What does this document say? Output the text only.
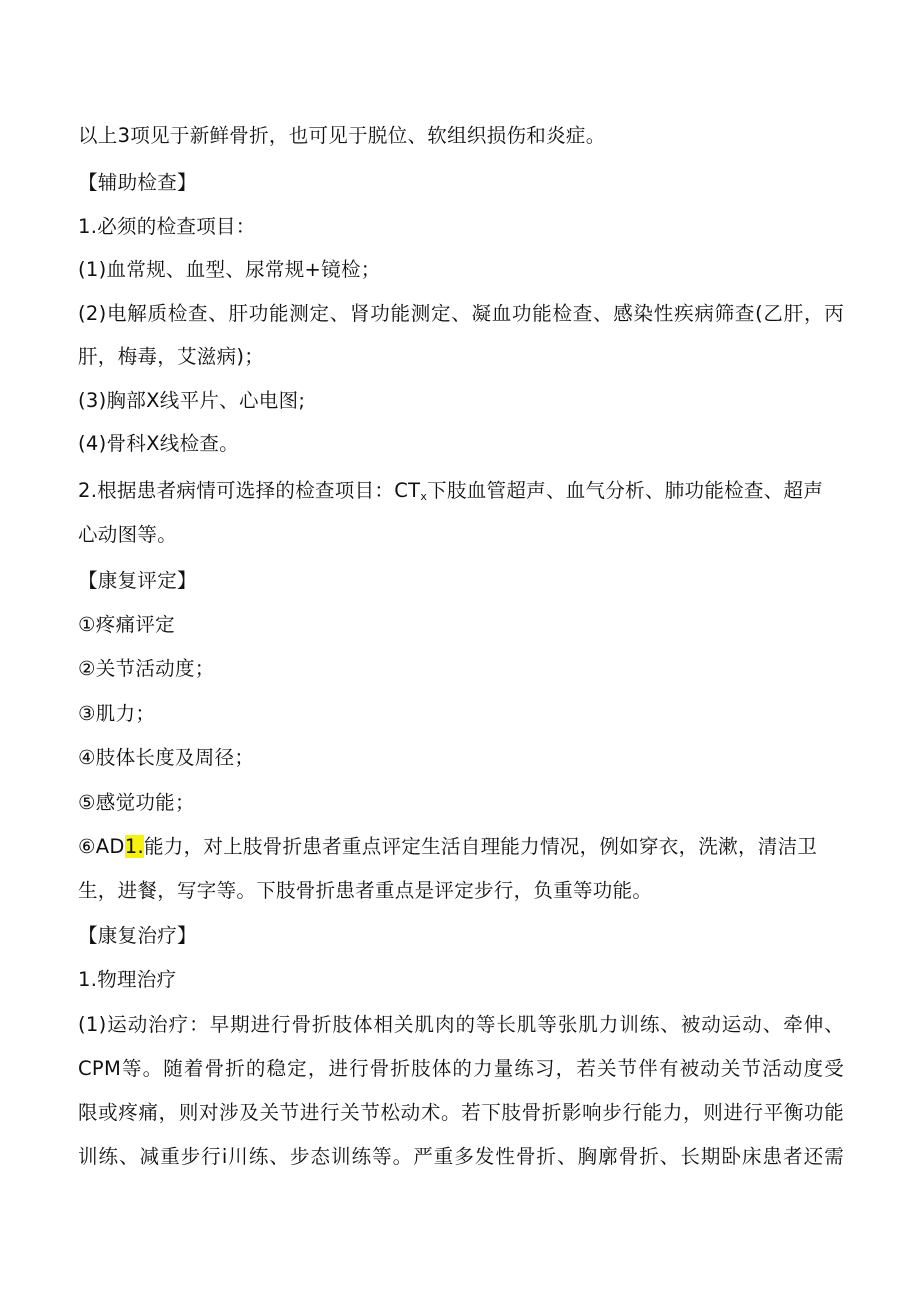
以上3项见于新鲜骨折，也可见于脱位、软组织损伤和炎症。
【辅助检查】
1.必须的检查项目：
(1)血常规、血型、尿常规+镜检；
(2)电解质检查、肝功能测定、肾功能测定、凝血功能检查、感染性疾病筛查(乙肝，丙
肝，梅毒，艾滋病)；
(3)胸部X线平片、心电图;
(4)骨科X线检查。
2.根据患者病情可选择的检查项目：$CT_x$下肢血管超声、血气分析、肺功能检查、超声
心动图等。
【康复评定】
①疼痛评定
②关节活动度；
③肌力；
④肢体长度及周径；
⑤感觉功能；
⑥AD1.能力，对上肢骨折患者重点评定生活自理能力情况，例如穿衣，洗漱，清洁卫
生，进餐，写字等。下肢骨折患者重点是评定步行，负重等功能。
【康复治疗】
1.物理治疗
(1)运动治疗：早期进行骨折肢体相关肌肉的等长肌等张肌力训练、被动运动、牵伸、
CPM等。随着骨折的稳定，进行骨折肢体的力量练习，若关节伴有被动关节活动度受
限或疼痛，则对涉及关节进行关节松动术。若下肢骨折影响步行能力，则进行平衡功能
训练、减重步行i川练、步态训练等。严重多发性骨折、胸廓骨折、长期卧床患者还需
